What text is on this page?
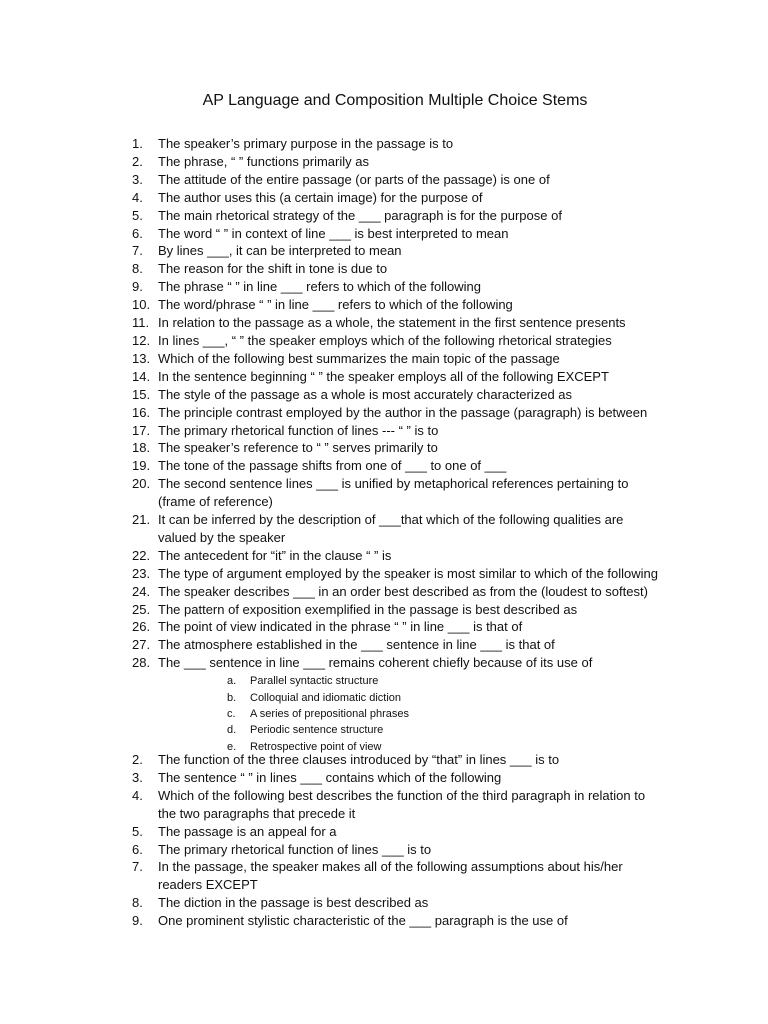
AP Language and Composition Multiple Choice Stems
1. The speaker’s primary purpose in the passage is to
2. The phrase, “ ” functions primarily as
3. The attitude of the entire passage (or parts of the passage) is one of
4. The author uses this (a certain image) for the purpose of
5. The main rhetorical strategy of the ___ paragraph is for the purpose of
6. The word “ ” in context of line ___ is best interpreted to mean
7. By lines ___, it can be interpreted to mean
8. The reason for the shift in tone is due to
9. The phrase “ ” in line ___ refers to which of the following
10. The word/phrase “ ” in line ___ refers to which of the following
11. In relation to the passage as a whole, the statement in the first sentence presents
12. In lines ___, “ ” the speaker employs which of the following rhetorical strategies
13. Which of the following best summarizes the main topic of the passage
14. In the sentence beginning “ ” the speaker employs all of the following EXCEPT
15. The style of the passage as a whole is most accurately characterized as
16. The principle contrast employed by the author in the passage (paragraph) is between
17. The primary rhetorical function of lines --- “ ” is to
18. The speaker’s reference to “ ” serves primarily to
19. The tone of the passage shifts from one of ___ to one of ___
20. The second sentence lines ___ is unified by metaphorical references pertaining to (frame of reference)
21. It can be inferred by the description of ___that which of the following qualities are valued by the speaker
22. The antecedent for “it” in the clause “ ” is
23. The type of argument employed by the speaker is most similar to which of the following
24. The speaker describes ___ in an order best described as from the (loudest to softest)
25. The pattern of exposition exemplified in the passage is best described as
26. The point of view indicated in the phrase “ ” in line ___ is that of
27. The atmosphere established in the ___ sentence in line ___ is that of
28. The ___ sentence in line ___ remains coherent chiefly because of its use of
a. Parallel syntactic structure
b. Colloquial and idiomatic diction
c. A series of prepositional phrases
d. Periodic sentence structure
e. Retrospective point of view
2. The function of the three clauses introduced by “that” in lines ___ is to
3. The sentence “ ” in lines ___ contains which of the following
4. Which of the following best describes the function of the third paragraph in relation to the two paragraphs that precede it
5. The passage is an appeal for a
6. The primary rhetorical function of lines ___ is to
7. In the passage, the speaker makes all of the following assumptions about his/her readers EXCEPT
8. The diction in the passage is best described as
9. One prominent stylistic characteristic of the ___ paragraph is the use of
